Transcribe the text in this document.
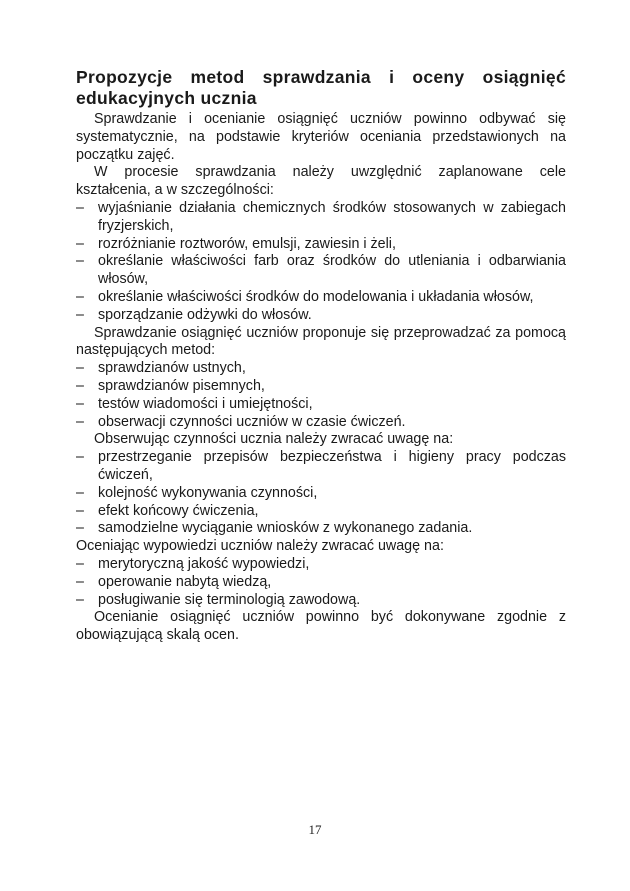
Propozycje metod sprawdzania i oceny osiągnięć
edukacyjnych ucznia

Sprawdzanie i ocenianie osiągnięć uczniów powinno odbywać się systematycznie, na podstawie kryteriów oceniania przedstawionych na początku zajęć.

W procesie sprawdzania należy uwzględnić zaplanowane cele kształcenia, a w szczególności:

– wyjaśnianie działania chemicznych środków stosowanych w zabiegach fryzjerskich,

– rozróżnianie roztworów, emulsji, zawiesin i żeli,

– określanie właściwości farb oraz środków do utleniania i odbarwiania włosów,

– określanie właściwości środków do modelowania i układania włosów,

– sporządzanie odżywki do włosów.

Sprawdzanie osiągnięć uczniów proponuje się przeprowadzać za pomocą następujących metod:

– sprawdzianów ustnych,

– sprawdzianów pisemnych,

– testów wiadomości i umiejętności,

– obserwacji czynności uczniów w czasie ćwiczeń.

Obserwując czynności ucznia należy zwracać uwagę na:

– przestrzeganie przepisów bezpieczeństwa i higieny pracy podczas ćwiczeń,

– kolejność wykonywania czynności,

– efekt końcowy ćwiczenia,

– samodzielne wyciąganie wniosków z wykonanego zadania.

Oceniając wypowiedzi uczniów należy zwracać uwagę na:

– merytoryczną jakość wypowiedzi,

– operowanie nabytą wiedzą,

– posługiwanie się terminologią zawodową.

Ocenianie osiągnięć uczniów powinno być dokonywane zgodnie z obowiązującą skalą ocen.

17
